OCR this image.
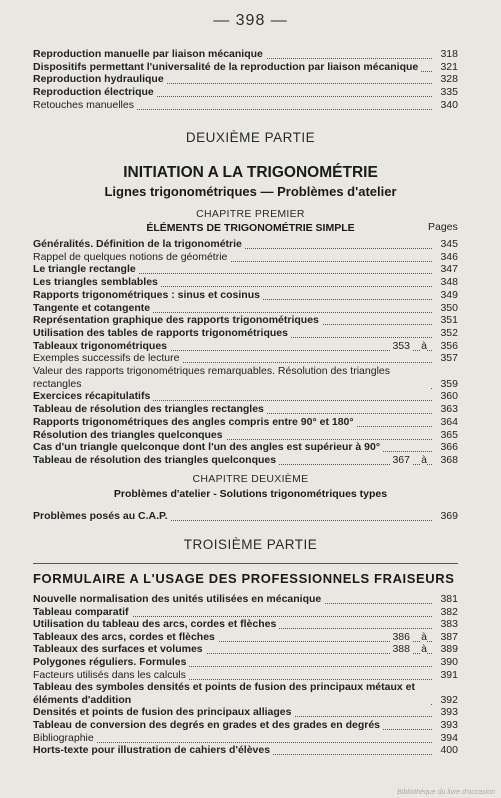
— 398 —
Reproduction manuelle par liaison mécanique	318
Dispositifs permettant l'universalité de la reproduction par liaison mécanique	321
Reproduction hydraulique	328
Reproduction électrique	335
Retouches manuelles	340
DEUXIÈME PARTIE
INITIATION A LA TRIGONOMÉTRIE
Lignes trigonométriques — Problèmes d'atelier
CHAPITRE PREMIER
ÉLÉMENTS DE TRIGONOMÉTRIE SIMPLE	Pages
Généralités. Définition de la trigonométrie	345
Rappel de quelques notions de géométrie	346
Le triangle rectangle	347
Les triangles semblables	348
Rapports trigonométriques : sinus et cosinus	349
Tangente et cotangente	350
Représentation graphique des rapports trigonométriques	351
Utilisation des tables de rapports trigonométriques	352
Tableaux trigonométriques	353 à	356
Exemples successifs de lecture	357
Valeur des rapports trigonométriques remarquables. Résolution des triangles rectangles	359
Exercices récapitulatifs	360
Tableau de résolution des triangles rectangles	363
Rapports trigonométriques des angles compris entre 90° et 180°	364
Résolution des triangles quelconques	365
Cas d'un triangle quelconque dont l'un des angles est supérieur à 90°	366
Tableau de résolution des triangles quelconques	367 à	368
CHAPITRE DEUXIÈME
Problèmes d'atelier - Solutions trigonométriques types
Problèmes posés au C.A.P.	369
TROISIÈME PARTIE
FORMULAIRE A L'USAGE DES PROFESSIONNELS FRAISEURS
Nouvelle normalisation des unités utilisées en mécanique	381
Tableau comparatif	382
Utilisation du tableau des arcs, cordes et flèches	383
Tableaux des arcs, cordes et flèches	386 à	387
Tableaux des surfaces et volumes	388 à	389
Polygones réguliers. Formules	390
Facteurs utilisés dans les calculs	391
Tableau des symboles densités et points de fusion des principaux métaux et éléments d'addition	392
Densités et points de fusion des principaux alliages	393
Tableau de conversion des degrés en grades et des grades en degrés	393
Bibliographie	394
Horts-texte pour illustration de cahiers d'élèves	400
Bibliothèque du livre d'occasion
